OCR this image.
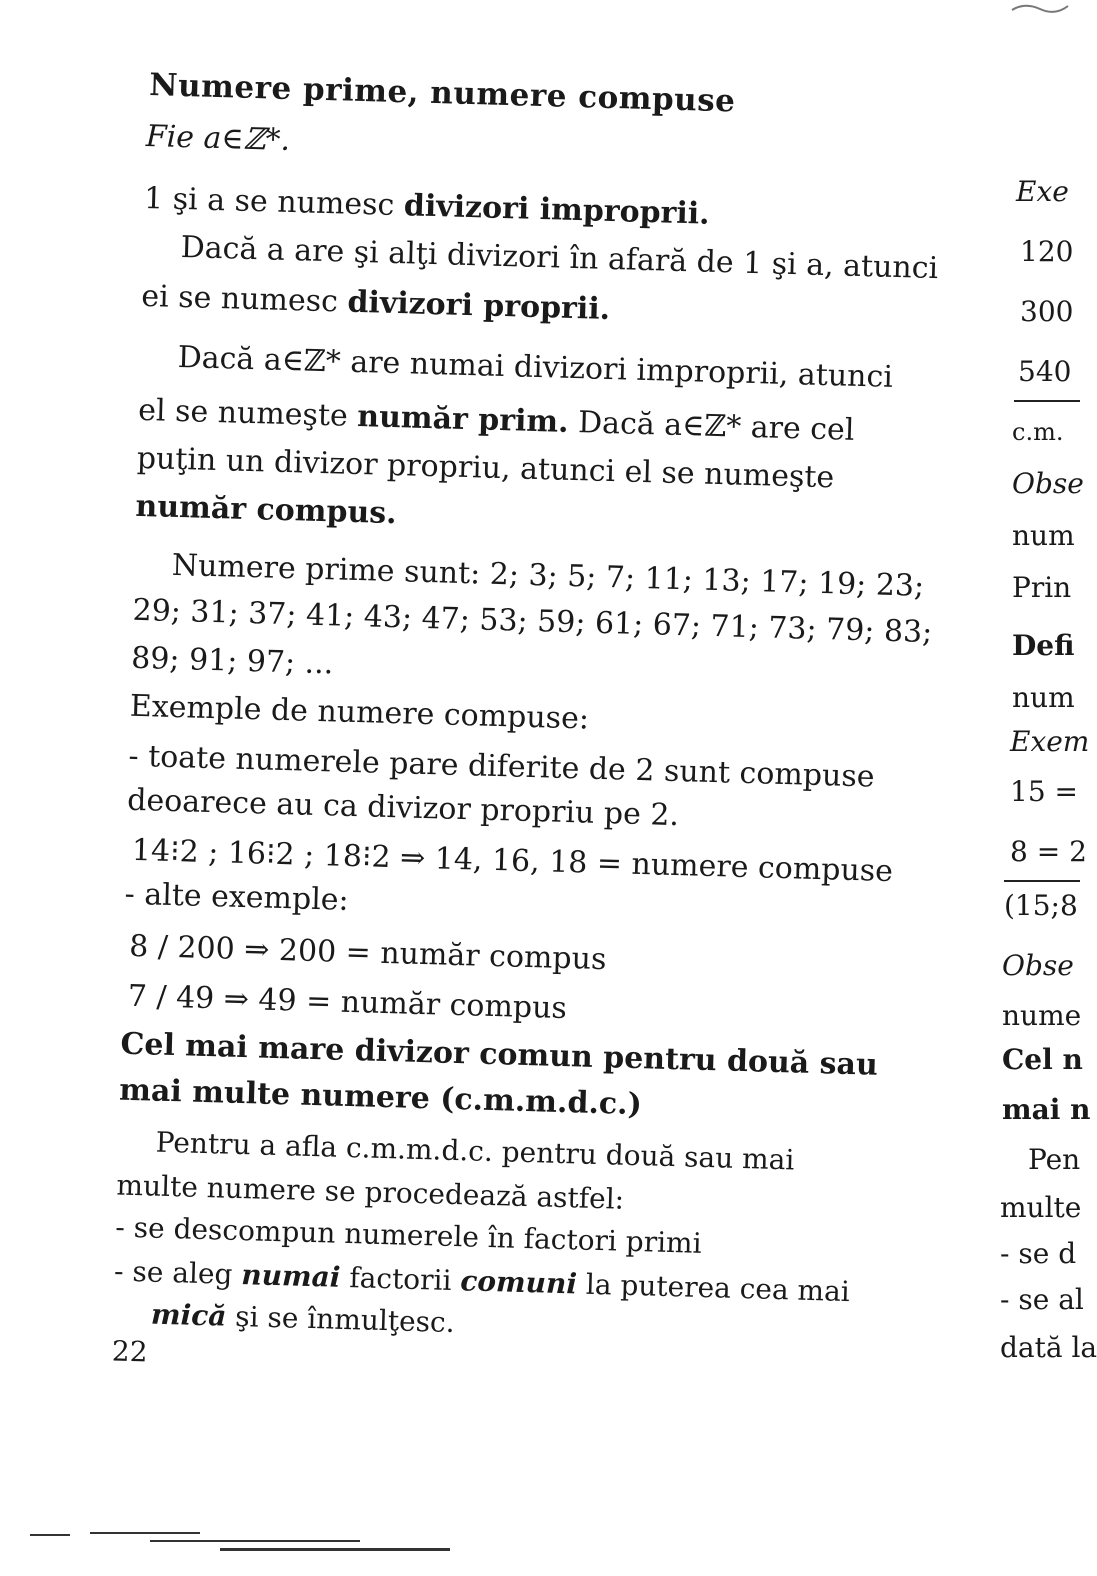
Numere prime, numere compuse
Fie a∈ℤ*.
1 şi a se numesc divizori improprii.
Dacă a are şi alţi divizori în afară de 1 şi a, atunci
ei se numesc divizori proprii.
Dacă a∈ℤ* are numai divizori improprii, atunci
el se numeşte număr prim. Dacă a∈ℤ* are cel
puţin un divizor propriu, atunci el se numeşte
număr compus.
Numere prime sunt: 2; 3; 5; 7; 11; 13; 17; 19; 23;
29; 31; 37; 41; 43; 47; 53; 59; 61; 67; 71; 73; 79; 83;
89; 91; 97; ...
Exemple de numere compuse:
- toate numerele pare diferite de 2 sunt compuse
deoarece au ca divizor propriu pe 2.
14⁝2 ; 16⁝2 ; 18⁝2 ⇒ 14, 16, 18 = numere compuse
- alte exemple:
8 / 200 ⇒ 200 = număr compus
7 / 49 ⇒ 49 = număr compus
Cel mai mare divizor comun pentru două sau
mai multe numere (c.m.m.d.c.)
Pentru a afla c.m.m.d.c. pentru două sau mai
multe numere se procedează astfel:
- se descompun numerele în factori primi
- se aleg numai factorii comuni la puterea cea mai
mică şi se înmulţesc.
22
Exe
120
300
540
c.m.
Obse
num
Prin
Defi
num
Exem
15 =
8 = 2
(15;8
Obse
nume
Cel n
mai n
Pen
multe
- se d
- se al
dată la
